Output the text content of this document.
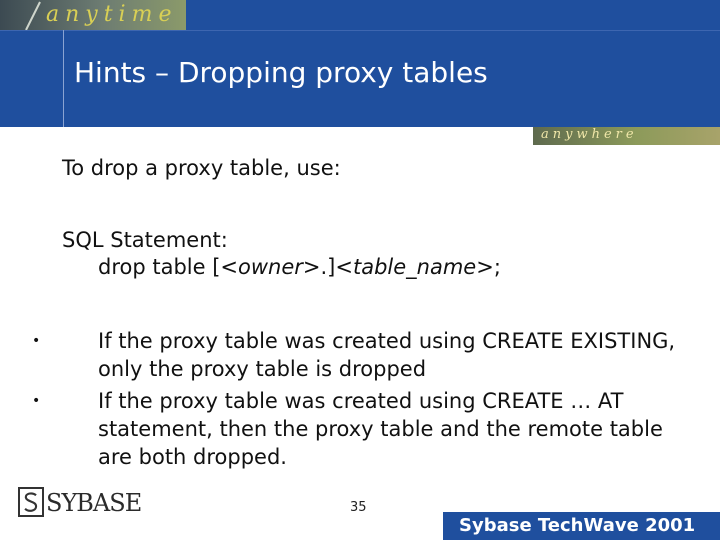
anytime
Hints – Dropping proxy tables
anywhere
To drop a proxy table, use:
SQL Statement:
drop table [<owner>.]<table_name>;
•	If the proxy table was created using CREATE EXISTING, only the proxy table is dropped
•	If the proxy table was created using CREATE … AT statement, then the proxy table and the remote table are both dropped.
SYBASE	35
Sybase TechWave 2001
